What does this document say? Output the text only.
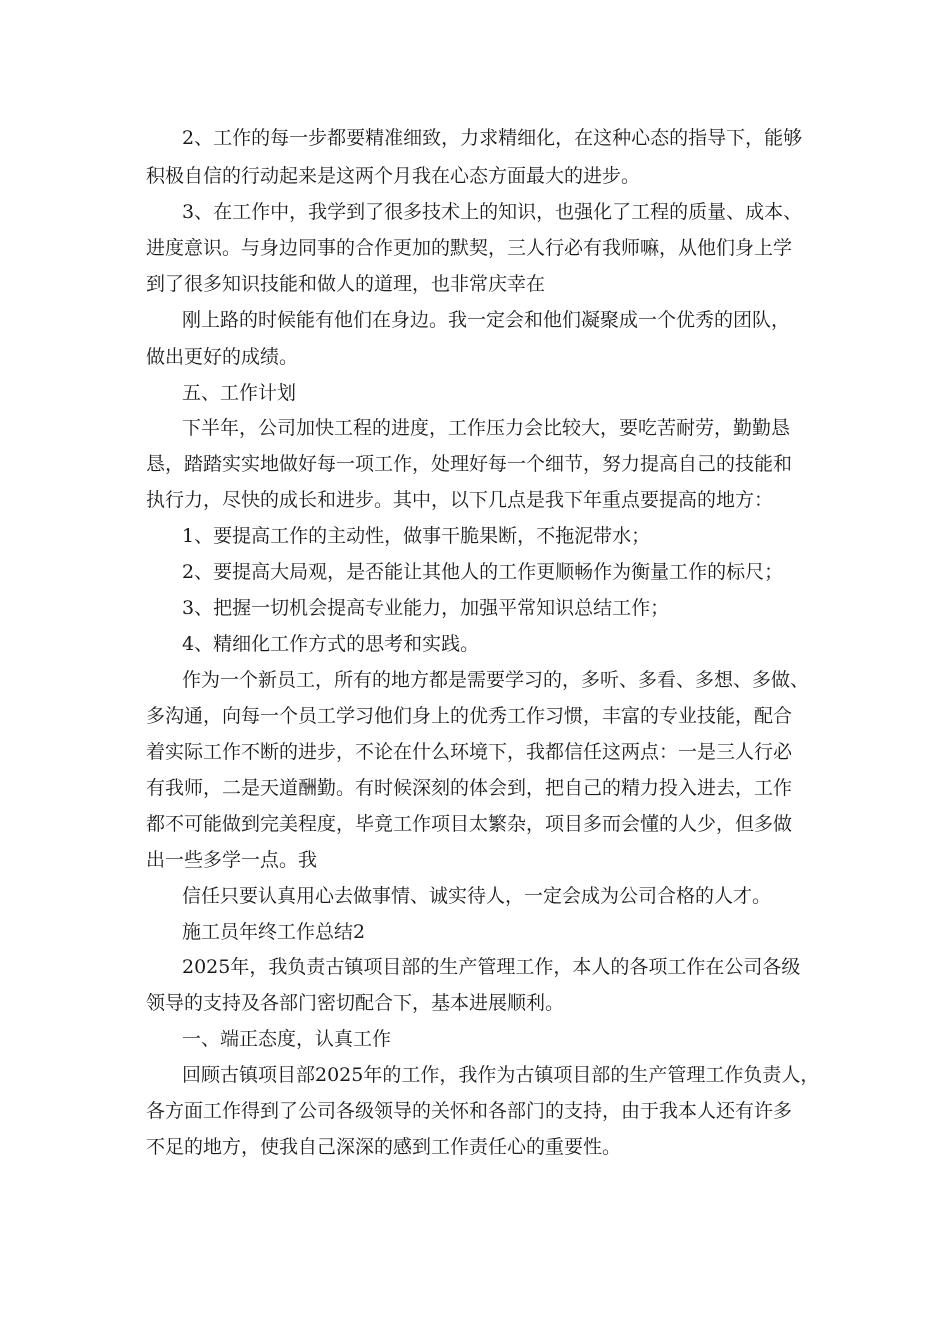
2、工作的每一步都要精准细致，力求精细化，在这种心态的指导下，能够

积极自信的行动起来是这两个月我在心态方面最大的进步。

3、在工作中，我学到了很多技术上的知识，也强化了工程的质量、成本、

进度意识。与身边同事的合作更加的默契，三人行必有我师嘛，从他们身上学

到了很多知识技能和做人的道理，也非常庆幸在

刚上路的时候能有他们在身边。我一定会和他们凝聚成一个优秀的团队，

做出更好的成绩。

五、工作计划

下半年，公司加快工程的进度，工作压力会比较大，要吃苦耐劳，勤勤恳

恳，踏踏实实地做好每一项工作，处理好每一个细节，努力提高自己的技能和

执行力，尽快的成长和进步。其中，以下几点是我下年重点要提高的地方：

1、要提高工作的主动性，做事干脆果断，不拖泥带水；

2、要提高大局观，是否能让其他人的工作更顺畅作为衡量工作的标尺；

3、把握一切机会提高专业能力，加强平常知识总结工作；

4、精细化工作方式的思考和实践。

作为一个新员工，所有的地方都是需要学习的，多听、多看、多想、多做、

多沟通，向每一个员工学习他们身上的优秀工作习惯，丰富的专业技能，配合

着实际工作不断的进步，不论在什么环境下，我都信任这两点：一是三人行必

有我师，二是天道酬勤。有时候深刻的体会到，把自己的精力投入进去，工作

都不可能做到完美程度，毕竟工作项目太繁杂，项目多而会懂的人少，但多做

出一些多学一点。我

信任只要认真用心去做事情、诚实待人，一定会成为公司合格的人才。

施工员年终工作总结2

2025年，我负责古镇项目部的生产管理工作，本人的各项工作在公司各级

领导的支持及各部门密切配合下，基本进展顺利。

一、端正态度，认真工作

回顾古镇项目部2025年的工作，我作为古镇项目部的生产管理工作负责人，

各方面工作得到了公司各级领导的关怀和各部门的支持，由于我本人还有许多

不足的地方，使我自己深深的感到工作责任心的重要性。
